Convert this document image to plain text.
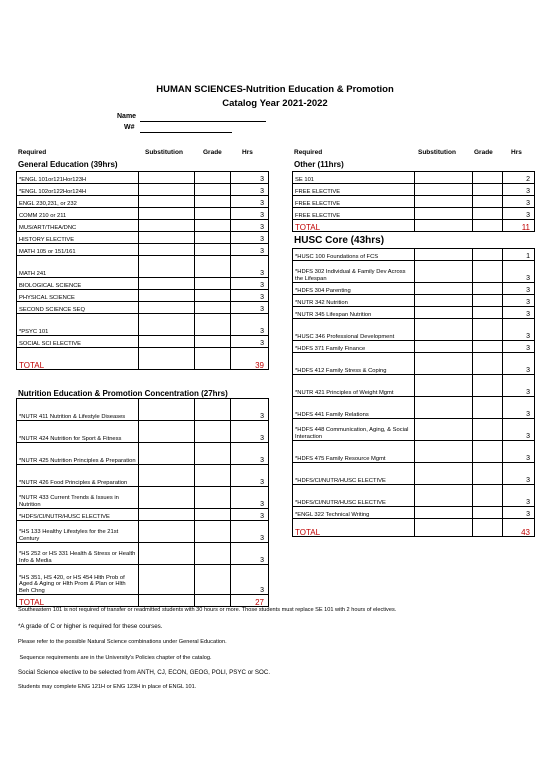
HUMAN SCIENCES-Nutrition Education & Promotion
Catalog Year 2021-2022
Name
W#
Required	Substitution	Grade	Hrs
General Education (39hrs)
Required	Substitution	Grade	Hrs
Other (11hrs)
*ENGL 101or121Hor123H			3
*ENGL 102or122Hor124H			3
ENGL 230,231, or 232			3
COMM 210 or 211			3
MUS/ART/THEA/DNC			3
HISTORY ELECTIVE			3
MATH 105 or 151/161			3
MATH 241			3
BIOLOGICAL SCIENCE			3
PHYSICAL SCIENCE			3
SECOND SCIENCE SEQ			3
*PSYC 101			3
SOCIAL SCI ELECTIVE			3
TOTAL			39
Nutrition Education & Promotion Concentration (27hrs)
*NUTR 411 Nutrition & Lifestyle Diseases			3
*NUTR 424 Nutrition for Sport & Fitness			3
*NUTR 425 Nutrition Principles & Preparation			3
*NUTR 426 Food Principles & Preparation			3
*NUTR 433 Current Trends & Issues in Nutrition			3
*HDFS/CI/NUTR/HUSC ELECTIVE			3
*HS 133 Healthy Lifestyles for the 21st Century			3
*HS 252 or HS 331 Health & Stress or Health Info & Media			3
*HS 351, HS 420, or HS 454 Hlth Prob of Aged & Aging or Hlth Prom & Plan or Hlth Beh Chng			3
TOTAL			27
SE 101			2
FREE ELECTIVE			3
FREE ELECTIVE			3
FREE ELECTIVE			3
TOTAL			11
HUSC Core (43hrs)
*HUSC 100 Foundations of FCS			1
*HDFS 302 Individual & Family Dev Across the Lifespan			3
*HDFS 304 Parenting			3
*NUTR 342 Nutrition			3
*NUTR 345 Lifespan Nutrition			3
*HUSC 346 Professional Development			3
*HDFS 371 Family Finance			3
*HDFS 412 Family Stress & Coping			3
*NUTR 421 Principles of Weight Mgmt			3
*HDFS 441 Family Relations			3
*HDFS 448 Communication, Aging, & Social Interaction			3
*HDFS 475 Family Resource Mgmt			3
*HDFS/CI/NUTR/HUSC ELECTIVE			3
*HDFS/CI/NUTR/HUSC ELECTIVE			3
*ENGL 322 Technical Writing			3
TOTAL			43
Southeastern 101 is not required of transfer or readmitted students with 30 hours or more. Those students must replace SE 101 with 2 hours of electives.
*A grade of C or higher is required for these courses.
Please refer to the possible Natural Science combinations under General Education.
Sequence requirements are in the University's Policies chapter of the catalog.
Social Science elective to be selected from ANTH, CJ, ECON, GEOG, POLI, PSYC or SOC.
Students may complete ENG 121H or ENG 123H in place of ENGL 101.
